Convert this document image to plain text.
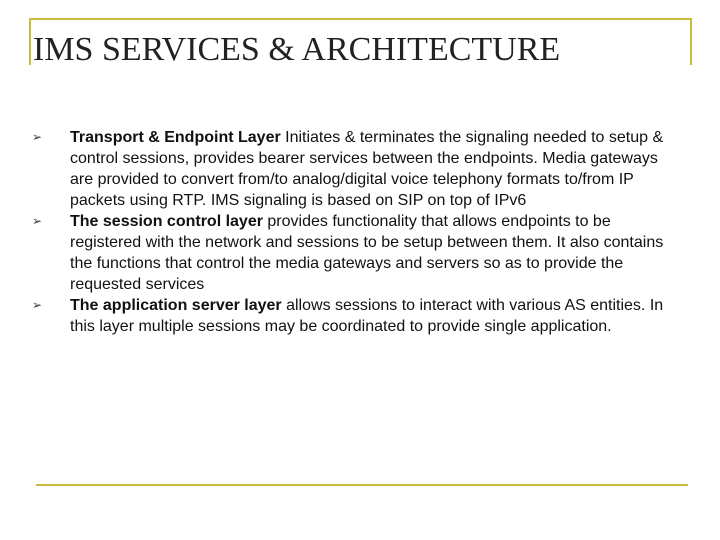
IMS SERVICES & ARCHITECTURE
➢ Transport & Endpoint Layer Initiates & terminates the signaling needed to setup & control sessions, provides bearer services between the endpoints. Media gateways are provided to convert from/to analog/digital voice telephony formats to/from IP packets using RTP. IMS signaling is based on SIP on top of IPv6
➢ The session control layer provides functionality that allows endpoints to be registered with the network and sessions to be setup between them. It also contains the functions that control the media gateways and servers so as to provide the requested services
➢ The application server layer allows sessions to interact with various AS entities. In this layer multiple sessions may be coordinated to provide single application.
